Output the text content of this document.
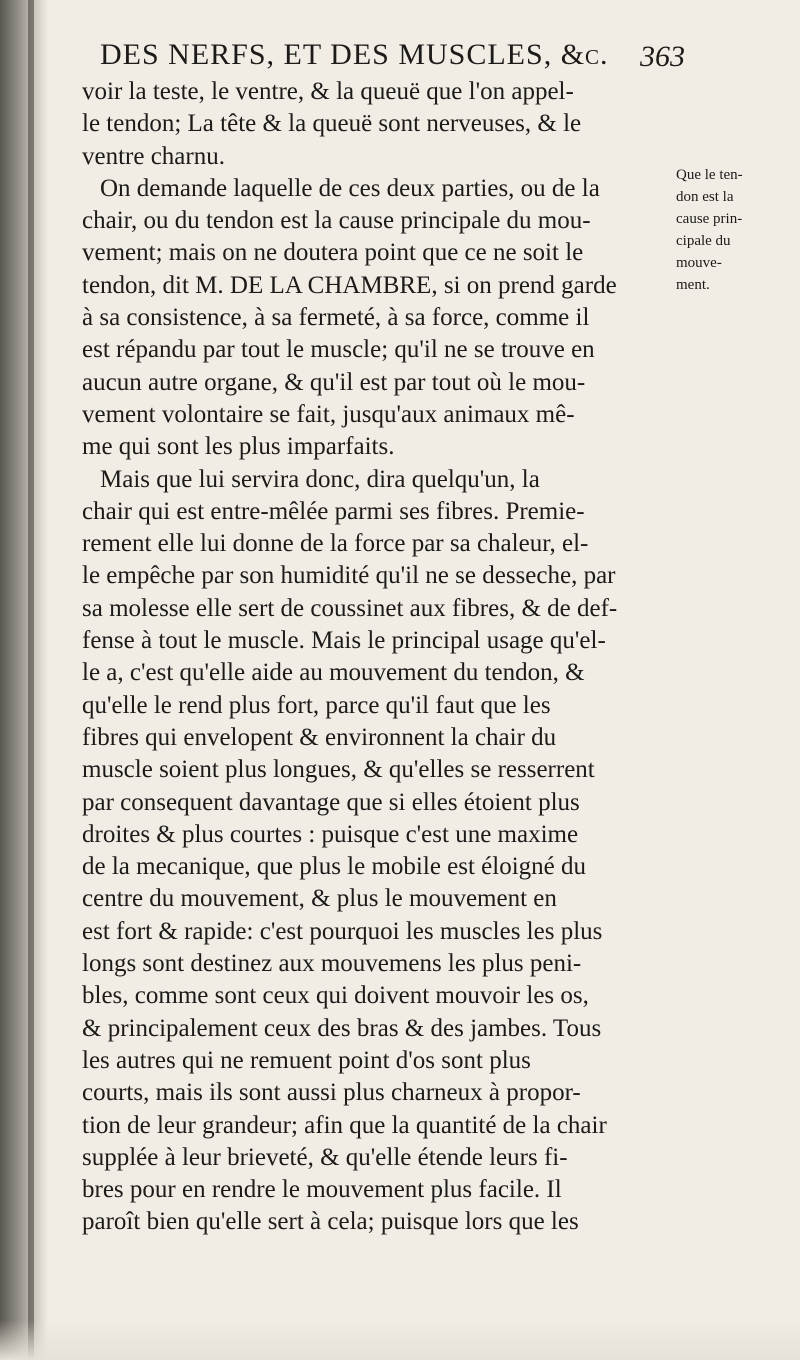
DES NERFS, ET DES MUSCLES, &c. 363
Que le ten-
don est la
cause prin-
cipale du
mouve-
ment.
voir la teste, le ventre, & la queuë que l'on appel-
le tendon; La tête & la queuë sont nerveuses, & le
ventre charnu.
On demande laquelle de ces deux parties, ou de la
chair, ou du tendon est la cause principale du mou-
vement; mais on ne doutera point que ce ne soit le
tendon, dit M. DE LA CHAMBRE, si on prend garde
à sa consistence, à sa fermeté, à sa force, comme il
est répandu par tout le muscle; qu'il ne se trouve en
aucun autre organe, & qu'il est par tout où le mou-
vement volontaire se fait, jusqu'aux animaux mê-
me qui sont les plus imparfaits.
Mais que lui servira donc, dira quelqu'un, la
chair qui est entre-mêlée parmi ses fibres. Premie-
rement elle lui donne de la force par sa chaleur, el-
le empêche par son humidité qu'il ne se desseche, par
sa molesse elle sert de coussinet aux fibres, & de def-
fense à tout le muscle. Mais le principal usage qu'el-
le a, c'est qu'elle aide au mouvement du tendon, &
qu'elle le rend plus fort, parce qu'il faut que les
fibres qui envelopent & environnent la chair du
muscle soient plus longues, & qu'elles se resserrent
par consequent davantage que si elles étoient plus
droites & plus courtes : puisque c'est une maxime
de la mecanique, que plus le mobile est éloigné du
centre du mouvement, & plus le mouvement en
est fort & rapide: c'est pourquoi les muscles les plus
longs sont destinez aux mouvemens les plus peni-
bles, comme sont ceux qui doivent mouvoir les os,
& principalement ceux des bras & des jambes. Tous
les autres qui ne remuent point d'os sont plus
courts, mais ils sont aussi plus charneux à propor-
tion de leur grandeur; afin que la quantité de la chair
supplée à leur brieveté, & qu'elle étende leurs fi-
bres pour en rendre le mouvement plus facile. Il
paroît bien qu'elle sert à cela; puisque lors que les
